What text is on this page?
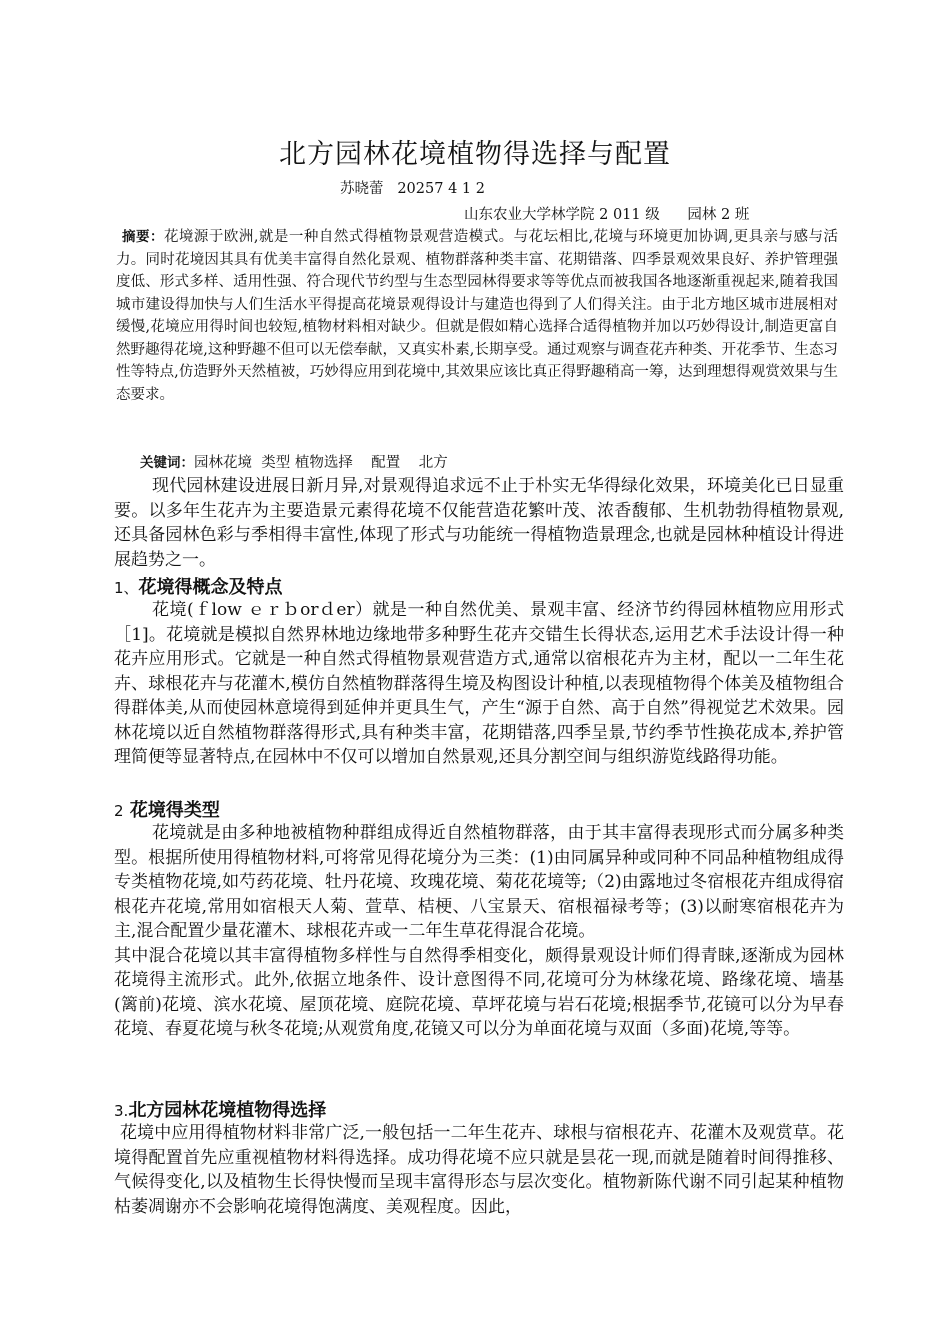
北方园林花境植物得选择与配置
苏晓蕾   20257 4 1 2
山东农业大学林学院 2 011 级      园林 2 班

摘要：花境源于欧洲,就是一种自然式得植物景观营造模式。与花坛相比,花境与环境更加协调,更具亲与感与活力。同时花境因其具有优美丰富得自然化景观、植物群落种类丰富、花期错落、四季景观效果良好、养护管理强度低、形式多样、适用性强、符合现代节约型与生态型园林得要求等等优点而被我国各地逐渐重视起来,随着我国城市建设得加快与人们生活水平得提高花境景观得设计与建造也得到了人们得关注。由于北方地区城市进展相对缓慢,花境应用得时间也较短,植物材料相对缺少。但就是假如精心选择合适得植物并加以巧妙得设计,制造更富自然野趣得花境,这种野趣不但可以无偿奉献，又真实朴素,长期享受。通过观察与调查花卉种类、开花季节、生态习性等特点,仿造野外天然植被，巧妙得应用到花境中,其效果应该比真正得野趣稍高一筹，达到理想得观赏效果与生态要求。

关键词：园林花境  类型 植物选择    配置    北方

现代园林建设进展日新月异,对景观得追求远不止于朴实无华得绿化效果，环境美化已日显重要。以多年生花卉为主要造景元素得花境不仅能营造花繁叶茂、浓香馥郁、生机勃勃得植物景观,还具备园林色彩与季相得丰富性,体现了形式与功能统一得植物造景理念,也就是园林种植设计得进展趋势之一。

1、花境得概念及特点

花境(ｆlow ｅｒｂorｄer）就是一种自然优美、景观丰富、经济节约得园林植物应用形式［1]。花境就是模拟自然界林地边缘地带多种野生花卉交错生长得状态,运用艺术手法设计得一种花卉应用形式。它就是一种自然式得植物景观营造方式,通常以宿根花卉为主材，配以一二年生花卉、球根花卉与花灌木,模仿自然植物群落得生境及构图设计种植,以表现植物得个体美及植物组合得群体美,从而使园林意境得到延伸并更具生气，产生“源于自然、高于自然”得视觉艺术效果。园林花境以近自然植物群落得形式,具有种类丰富，花期错落,四季呈景,节约季节性换花成本,养护管理简便等显著特点,在园林中不仅可以增加自然景观,还具分割空间与组织游览线路得功能。

2 花境得类型

花境就是由多种地被植物种群组成得近自然植物群落，由于其丰富得表现形式而分属多种类型。根据所使用得植物材料,可将常见得花境分为三类：(1)由同属异种或同种不同品种植物组成得专类植物花境,如芍药花境、牡丹花境、玫瑰花境、菊花花境等;（2)由露地过冬宿根花卉组成得宿根花卉花境,常用如宿根天人菊、萱草、桔梗、八宝景天、宿根福禄考等；(3)以耐寒宿根花卉为主,混合配置少量花灌木、球根花卉或一二年生草花得混合花境。

其中混合花境以其丰富得植物多样性与自然得季相变化，颇得景观设计师们得青睐,逐渐成为园林花境得主流形式。此外,依据立地条件、设计意图得不同,花境可分为林缘花境、路缘花境、墙基(篱前)花境、滨水花境、屋顶花境、庭院花境、草坪花境与岩石花境;根据季节,花镜可以分为早春花境、春夏花境与秋冬花境;从观赏角度,花镜又可以分为单面花境与双面（多面)花境,等等。

3.北方园林花境植物得选择

花境中应用得植物材料非常广泛,一般包括一二年生花卉、球根与宿根花卉、花灌木及观赏草。花境得配置首先应重视植物材料得选择。成功得花境不应只就是昙花一现,而就是随着时间得推移、气候得变化,以及植物生长得快慢而呈现丰富得形态与层次变化。植物新陈代谢不同引起某种植物枯萎凋谢亦不会影响花境得饱满度、美观程度。因此，
